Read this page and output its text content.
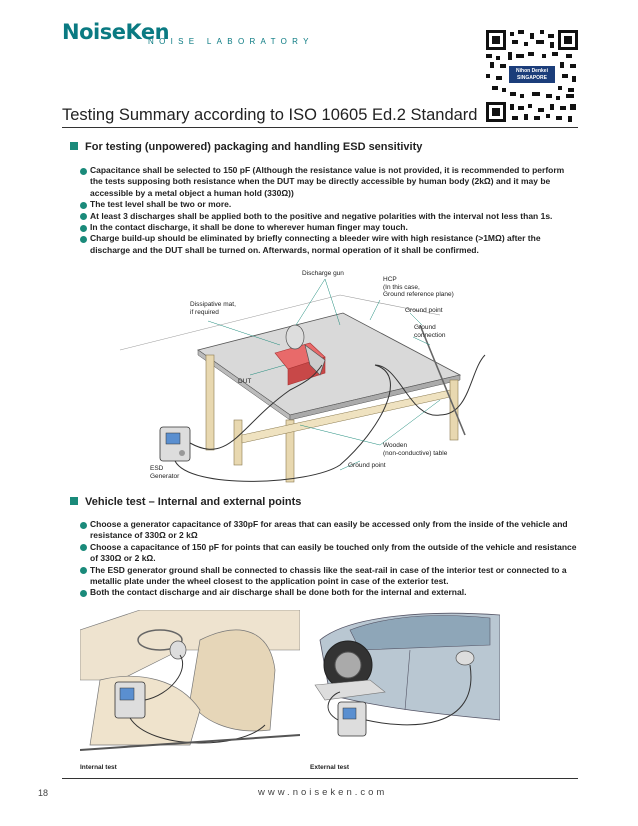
NoiseKen
NOISE LABORATORY
Nihon Denkei
SINGAPORE
Testing Summary according to ISO 10605 Ed.2 Standard
For testing (unpowered) packaging and handling ESD sensitivity
Capacitance shall be selected to 150 pF (Although the resistance value is not provided, it is recommended to perform the tests supposing both resistance when the DUT may be directly accessible by human body (2kΩ) and it may be accessible by a metal object a human hold (330Ω))
The test level shall be two or more.
At least 3 discharges shall be applied both to the positive and negative polarities with the interval not less than 1s.
In the contact discharge, it shall be done to wherever human finger may touch.
Charge build-up should be eliminated by briefly connecting a bleeder wire with high resistance (>1MΩ) after the discharge and the DUT shall be turned on. Afterwards, normal operation of it shall be confirmed.
Discharge gun
HCP
(In this case,
Ground reference plane)
Dissipative mat,
if required	Ground point
Ground
connection
DUT
Wooden
(non-conductive) table
Ground point
ESD
Generator
Vehicle test – Internal and external points
Choose a generator capacitance of 330pF for areas that can easily be accessed only from the inside of the vehicle and resistance of 330Ω or 2 kΩ
Choose a capacitance of 150 pF for points that can easily be touched only from the outside of the vehicle and resistance of 330Ω or 2 kΩ.
The ESD generator ground shall be connected to chassis like the seat-rail in case of the interior test or connected to a metallic plate under the wheel closest to the application point in case of the exterior test.
Both the contact discharge and air discharge shall be done both for the internal and external.
Internal test	External test
18	www.noiseken.com
